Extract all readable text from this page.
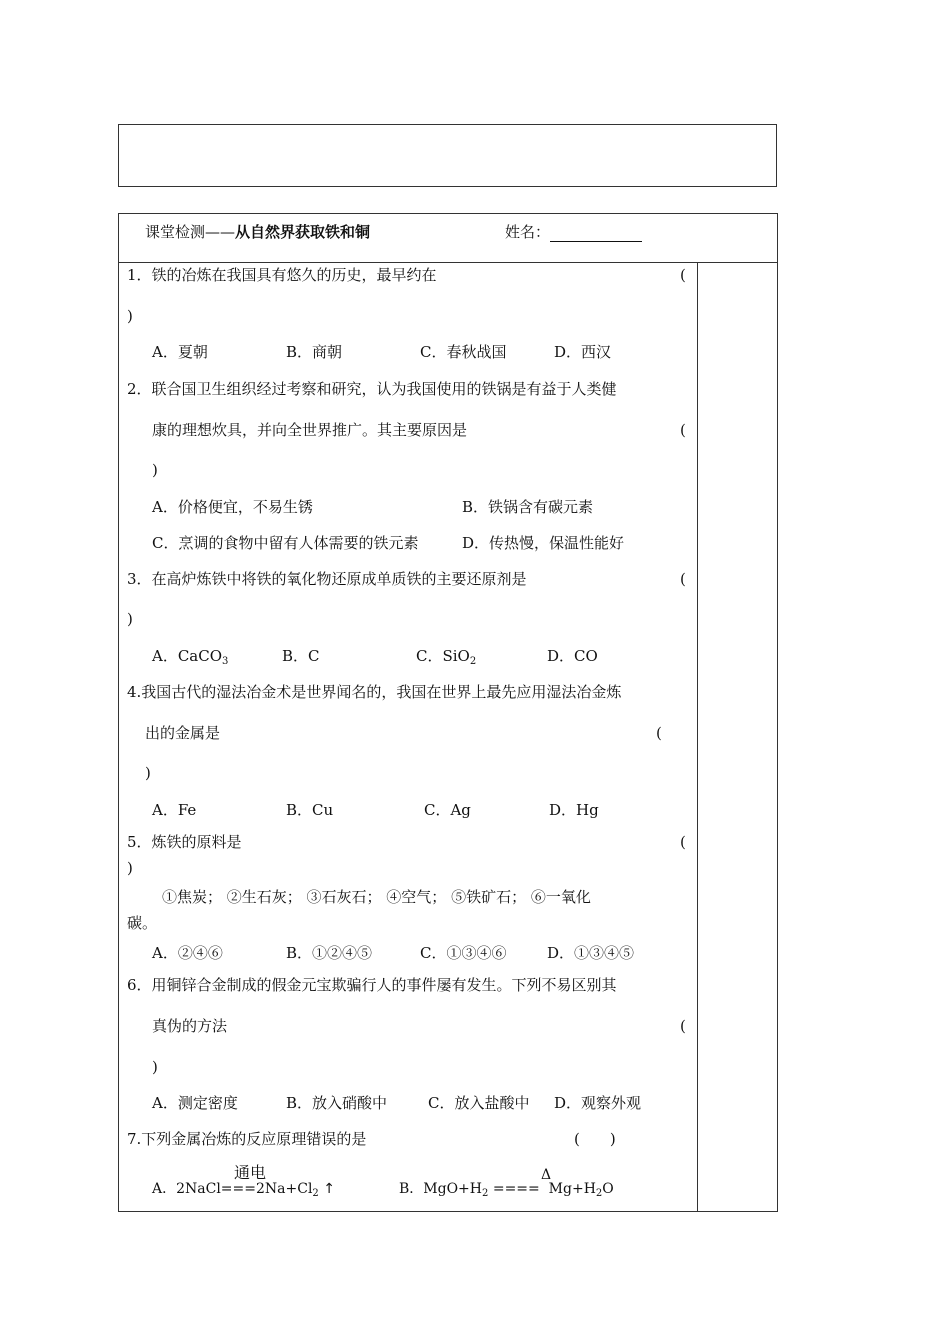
课堂检测——从自然界获取铁和铜	姓名：
1．铁的冶炼在我国具有悠久的历史，最早约在	(
)
A．夏朝	B．商朝	C．春秋战国	D．西汉
2．联合国卫生组织经过考察和研究，认为我国使用的铁锅是有益于人类健
康的理想炊具，并向全世界推广。其主要原因是	(
)
A．价格便宜，不易生锈	B．铁锅含有碳元素
C．烹调的食物中留有人体需要的铁元素	D．传热慢，保温性能好
3．在高炉炼铁中将铁的氧化物还原成单质铁的主要还原剂是	(
)
A．CaCO$_3$	B．C	C．SiO$_2$	D．CO
4.我国古代的湿法冶金术是世界闻名的，我国在世界上最先应用湿法冶金炼
出的金属是	(
)
A．Fe	B．Cu	C．Ag	D．Hg
5．炼铁的原料是	(
)
①焦炭； ②生石灰； ③石灰石； ④空气； ⑤铁矿石； ⑥一氧化
碳。
A．②④⑥	B．①②④⑤	C．①③④⑥	D．①③④⑤
6．用铜锌合金制成的假金元宝欺骗行人的事件屡有发生。下列不易区别其
真伪的方法	(
)
A．测定密度	B．放入硝酸中	C．放入盐酸中 D．观察外观
7.下列金属冶炼的反应原理错误的是	(　　)
通电
A．$2NaCl===2Na+Cl_2$ ↑
Δ
B．$MgO+H_2$ ====  $Mg+H_2O$
